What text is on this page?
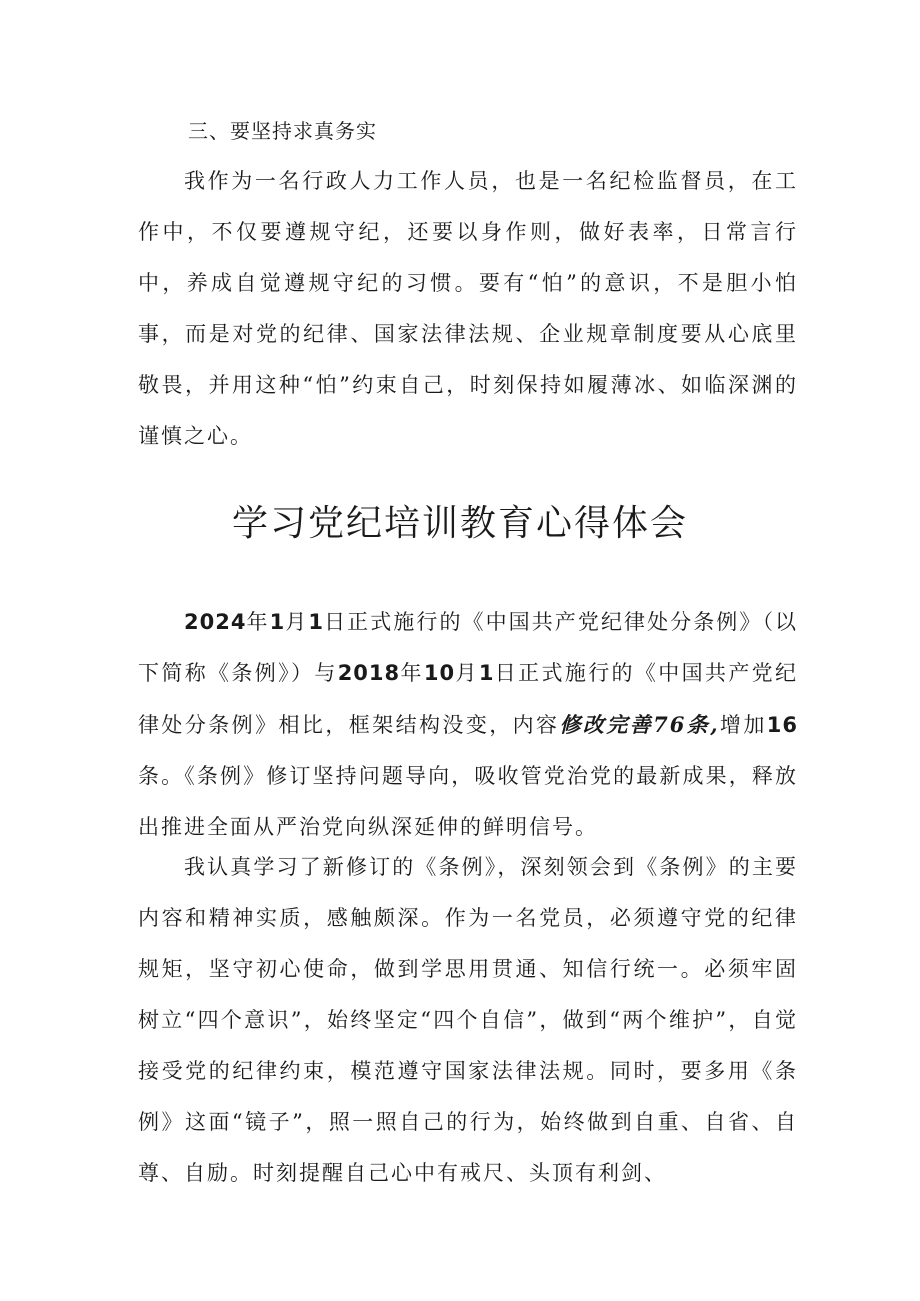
三、要坚持求真务实

我作为一名行政人力工作人员，也是一名纪检监督员，在工作中，不仅要遵规守纪，还要以身作则，做好表率，日常言行中，养成自觉遵规守纪的习惯。要有“怕”的意识，不是胆小怕事，而是对党的纪律、国家法律法规、企业规章制度要从心底里敬畏，并用这种“怕”约束自己，时刻保持如履薄冰、如临深渊的谨慎之心。

学习党纪培训教育心得体会

2024年1月1日正式施行的《中国共产党纪律处分条例》（以下简称《条例》）与2018年10月1日正式施行的《中国共产党纪律处分条例》相比，框架结构没变，内容修改完善76条,增加16条。《条例》修订坚持问题导向，吸收管党治党的最新成果，释放出推进全面从严治党向纵深延伸的鲜明信号。

我认真学习了新修订的《条例》，深刻领会到《条例》的主要内容和精神实质，感触颇深。作为一名党员，必须遵守党的纪律规矩，坚守初心使命，做到学思用贯通、知信行统一。必须牢固树立“四个意识”，始终坚定“四个自信”，做到“两个维护”，自觉接受党的纪律约束，模范遵守国家法律法规。同时，要多用《条例》这面“镜子”，照一照自己的行为，始终做到自重、自省、自尊、自励。时刻提醒自己心中有戒尺、头顶有利剑、
